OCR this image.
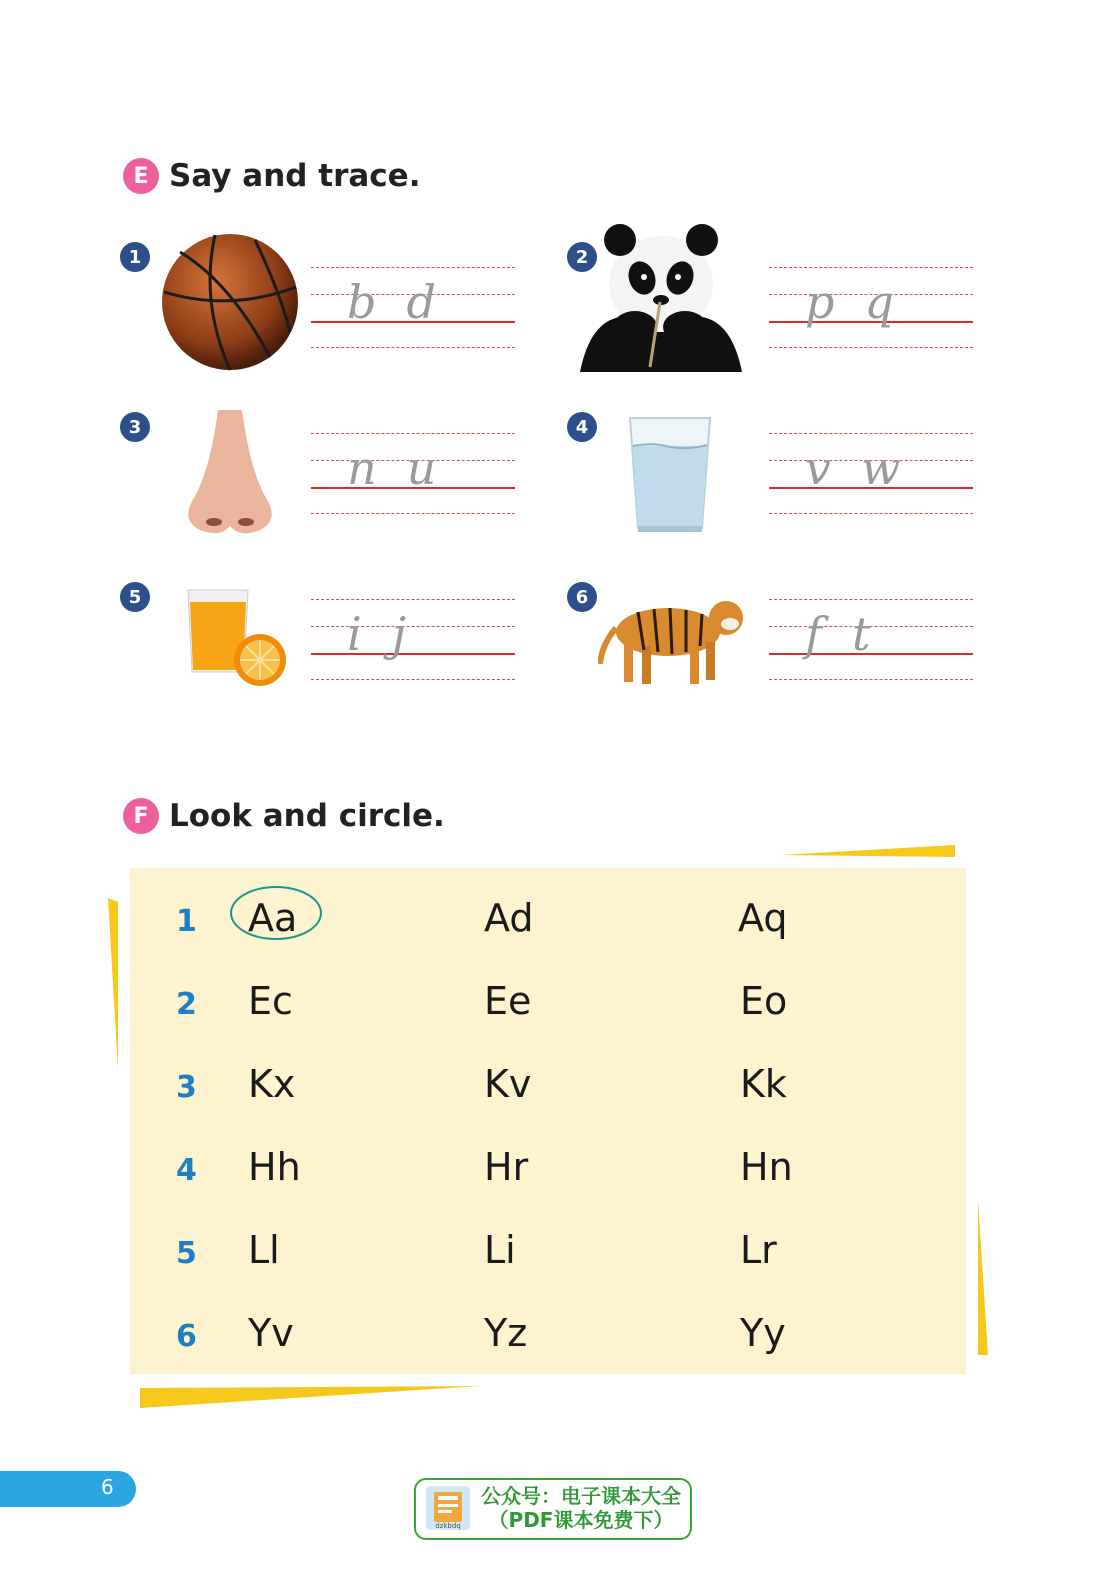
E Say and trace.
1
b d
2
p q
3
n u
4
v w
5
i j
6
f t
F Look and circle.
1 Aa	Ad	Aq
2 Ec	Ee	Eo
3 Kx	Kv	Kk
4 Hh	Hr	Hn
5 Ll	Li	Lr
6 Yv	Yz	Yy
6
dzkbdq
公众号：电子课本大全
（PDF课本免费下）
